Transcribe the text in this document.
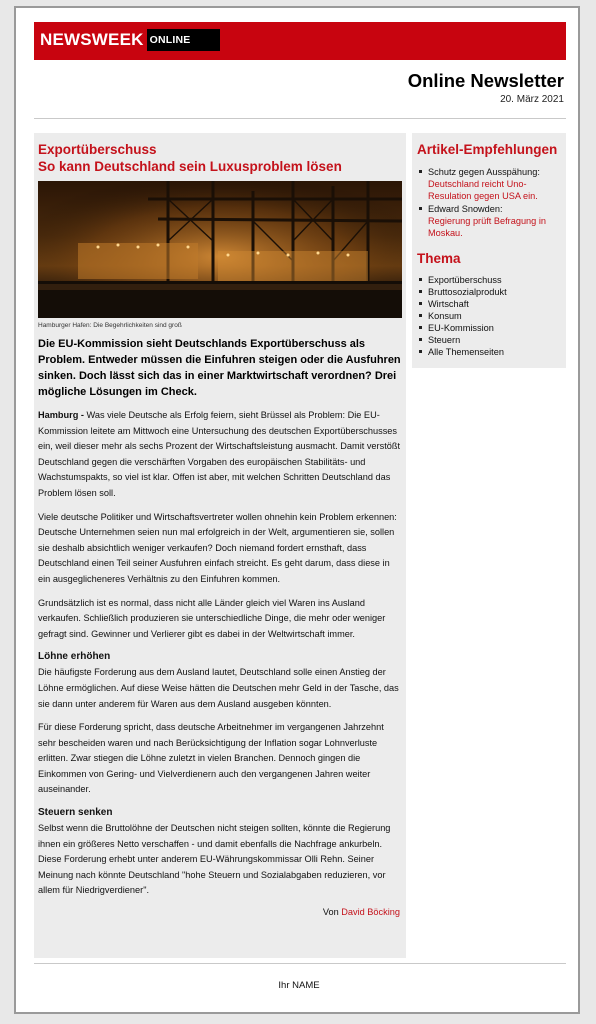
NEWSWEEK ONLINE
Online Newsletter
20. März 2021
Exportüberschuss
So kann Deutschland sein Luxusproblem lösen
Hamburger Hafen: Die Begehrlichkeiten sind groß
Die EU-Kommission sieht Deutschlands Exportüberschuss als Problem. Entweder müssen die Einfuhren steigen oder die Ausfuhren sinken. Doch lässt sich das in einer Marktwirtschaft verordnen? Drei mögliche Lösungen im Check.
Hamburg - Was viele Deutsche als Erfolg feiern, sieht Brüssel als Problem: Die EU-Kommission leitete am Mittwoch eine Untersuchung des deutschen Exportüberschusses ein, weil dieser mehr als sechs Prozent der Wirtschaftsleistung ausmacht. Damit verstößt Deutschland gegen die verschärften Vorgaben des europäischen Stabilitäts- und Wachstumspakts, so viel ist klar. Offen ist aber, mit welchen Schritten Deutschland das Problem lösen soll.
Viele deutsche Politiker und Wirtschaftsvertreter wollen ohnehin kein Problem erkennen: Deutsche Unternehmen seien nun mal erfolgreich in der Welt, argumentieren sie, sollen sie deshalb absichtlich weniger verkaufen? Doch niemand fordert ernsthaft, dass Deutschland einen Teil seiner Ausfuhren einfach streicht. Es geht darum, dass diese in ein ausgeglicheneres Verhältnis zu den Einfuhren kommen.
Grundsätzlich ist es normal, dass nicht alle Länder gleich viel Waren ins Ausland verkaufen. Schließlich produzieren sie unterschiedliche Dinge, die mehr oder weniger gefragt sind. Gewinner und Verlierer gibt es dabei in der Weltwirtschaft immer.
Löhne erhöhen
Die häufigste Forderung aus dem Ausland lautet, Deutschland solle einen Anstieg der Löhne ermöglichen. Auf diese Weise hätten die Deutschen mehr Geld in der Tasche, das sie dann unter anderem für Waren aus dem Ausland ausgeben könnten.
Für diese Forderung spricht, dass deutsche Arbeitnehmer im vergangenen Jahrzehnt sehr bescheiden waren und nach Berücksichtigung der Inflation sogar Lohnverluste erlitten. Zwar stiegen die Löhne zuletzt in vielen Branchen. Dennoch gingen die Einkommen von Gering- und Vielverdienern auch den vergangenen Jahren weiter auseinander.
Steuern senken
Selbst wenn die Bruttolöhne der Deutschen nicht steigen sollten, könnte die Regierung ihnen ein größeres Netto verschaffen - und damit ebenfalls die Nachfrage ankurbeln. Diese Forderung erhebt unter anderem EU-Währungskommissar Olli Rehn. Seiner Meinung nach könnte Deutschland "hohe Steuern und Sozialabgaben reduzieren, vor allem für Niedrigverdiener".
Von David Böcking
Artikel-Empfehlungen
Schutz gegen Ausspähung:
Deutschland reicht Uno-Resulation gegen USA ein.
Edward Snowden:
Regierung prüft Befragung in Moskau.
Thema
Exportüberschuss
Bruttosozialprodukt
Wirtschaft
Konsum
EU-Kommission
Steuern
Alle Themenseiten
Ihr NAME
